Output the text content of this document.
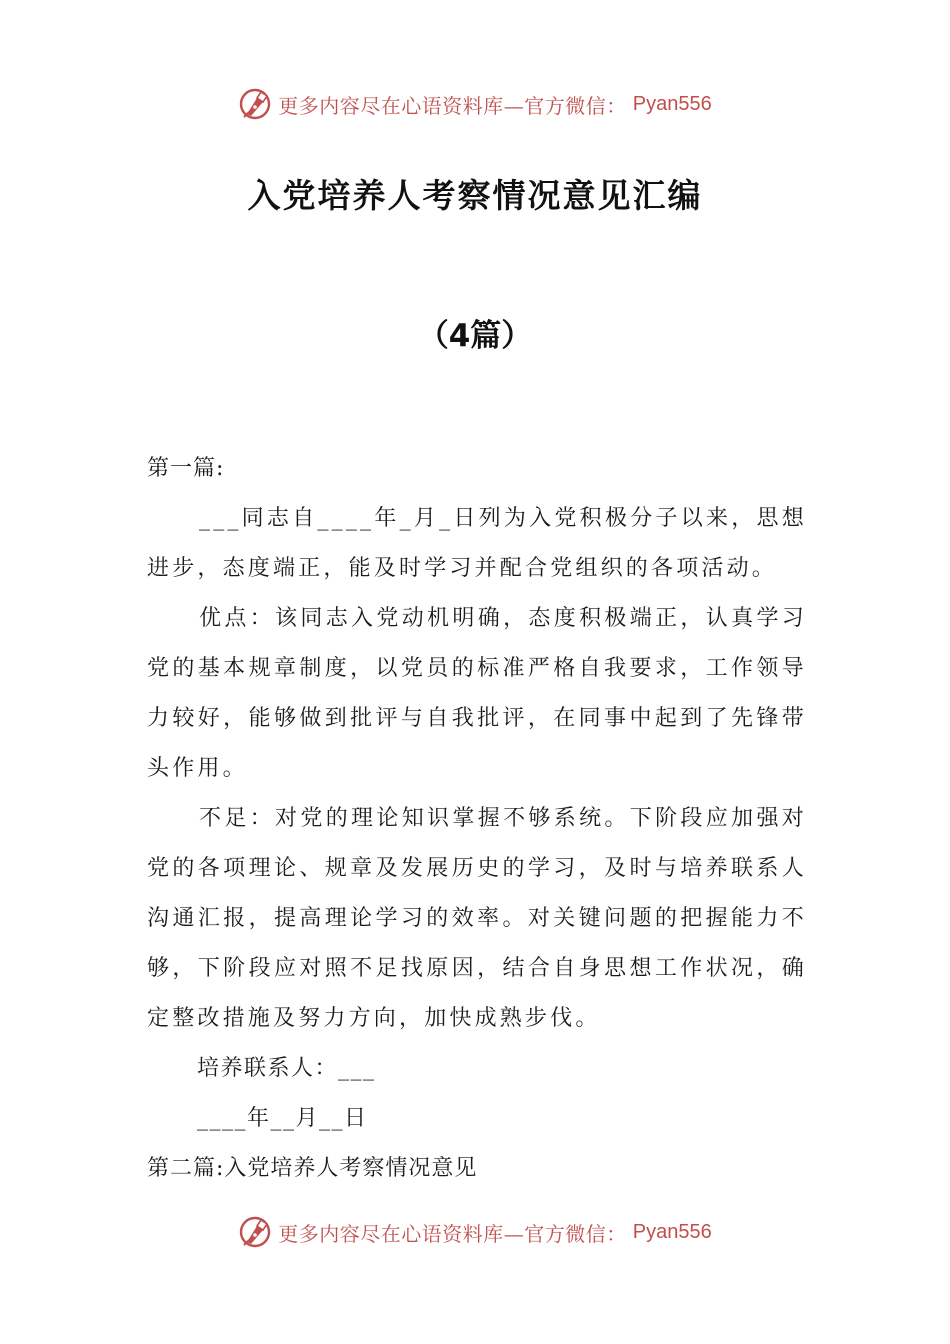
更多内容尽在心语资料库—官方微信： Pyan556
入党培养人考察情况意见汇编
（4篇）

第一篇:

___同志自____年_月_日列为入党积极分子以来，思想进步，态度端正，能及时学习并配合党组织的各项活动。

优点：该同志入党动机明确，态度积极端正，认真学习党的基本规章制度，以党员的标准严格自我要求，工作领导力较好，能够做到批评与自我批评，在同事中起到了先锋带头作用。

不足：对党的理论知识掌握不够系统。下阶段应加强对党的各项理论、规章及发展历史的学习，及时与培养联系人沟通汇报，提高理论学习的效率。对关键问题的把握能力不够，下阶段应对照不足找原因，结合自身思想工作状况，确定整改措施及努力方向，加快成熟步伐。

培养联系人：___

____年__月__日

第二篇:入党培养人考察情况意见

更多内容尽在心语资料库—官方微信： Pyan556
